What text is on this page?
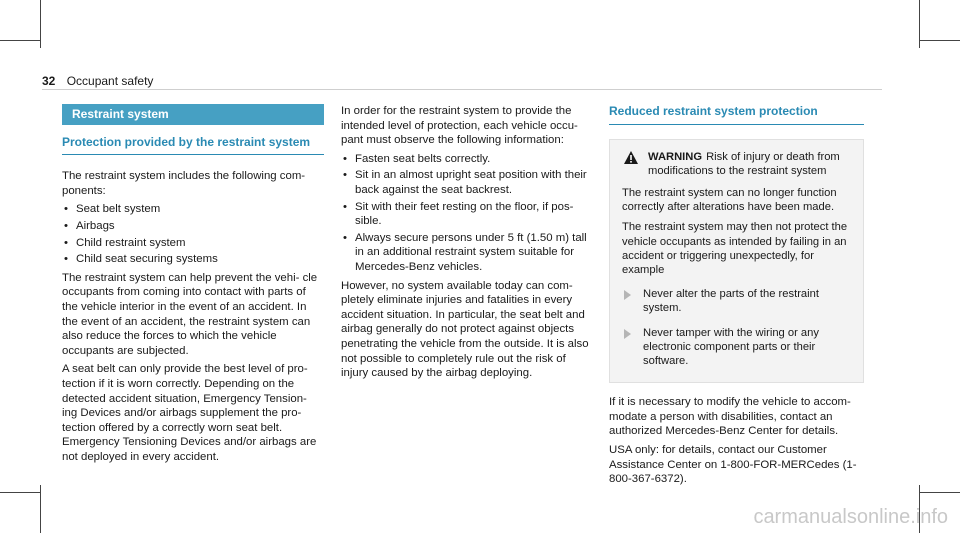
32 Occupant safety
Restraint system
Protection provided by the restraint system

The restraint system includes the following com- ponents:

• Seat belt system
• Airbags
• Child restraint system
• Child seat securing systems

The restraint system can help prevent the vehi- cle occupants from coming into contact with parts of the vehicle interior in the event of an accident. In the event of an accident, the restraint system can also reduce the forces to which the vehicle occupants are subjected.

A seat belt can only provide the best level of pro- tection if it is worn correctly. Depending on the detected accident situation, Emergency Tension- ing Devices and/or airbags supplement the pro- tection offered by a correctly worn seat belt. Emergency Tensioning Devices and/or airbags are not deployed in every accident.

In order for the restraint system to provide the intended level of protection, each vehicle occu- pant must observe the following information:

• Fasten seat belts correctly.
• Sit in an almost upright seat position with their back against the seat backrest.
• Sit with their feet resting on the floor, if pos- sible.
• Always secure persons under 5 ft (1.50 m) tall in an additional restraint system suitable for Mercedes-Benz vehicles.

However, no system available today can com- pletely eliminate injuries and fatalities in every accident situation. In particular, the seat belt and airbag generally do not protect against objects penetrating the vehicle from the outside. It is also not possible to completely rule out the risk of injury caused by the airbag deploying.

Reduced restraint system protection
WARNING Risk of injury or death from modifications to the restraint system

The restraint system can no longer function correctly after alterations have been made.

The restraint system may then not protect the vehicle occupants as intended by failing in an accident or triggering unexpectedly, for example

Never alter the parts of the restraint system.
Never tamper with the wiring or any electronic component parts or their software.

If it is necessary to modify the vehicle to accom- modate a person with disabilities, contact an authorized Mercedes-Benz Center for details.

USA only: for details, contact our Customer Assistance Center on 1-800-FOR-MERCedes (1-800-367-6372).

carmanualsonline.info
